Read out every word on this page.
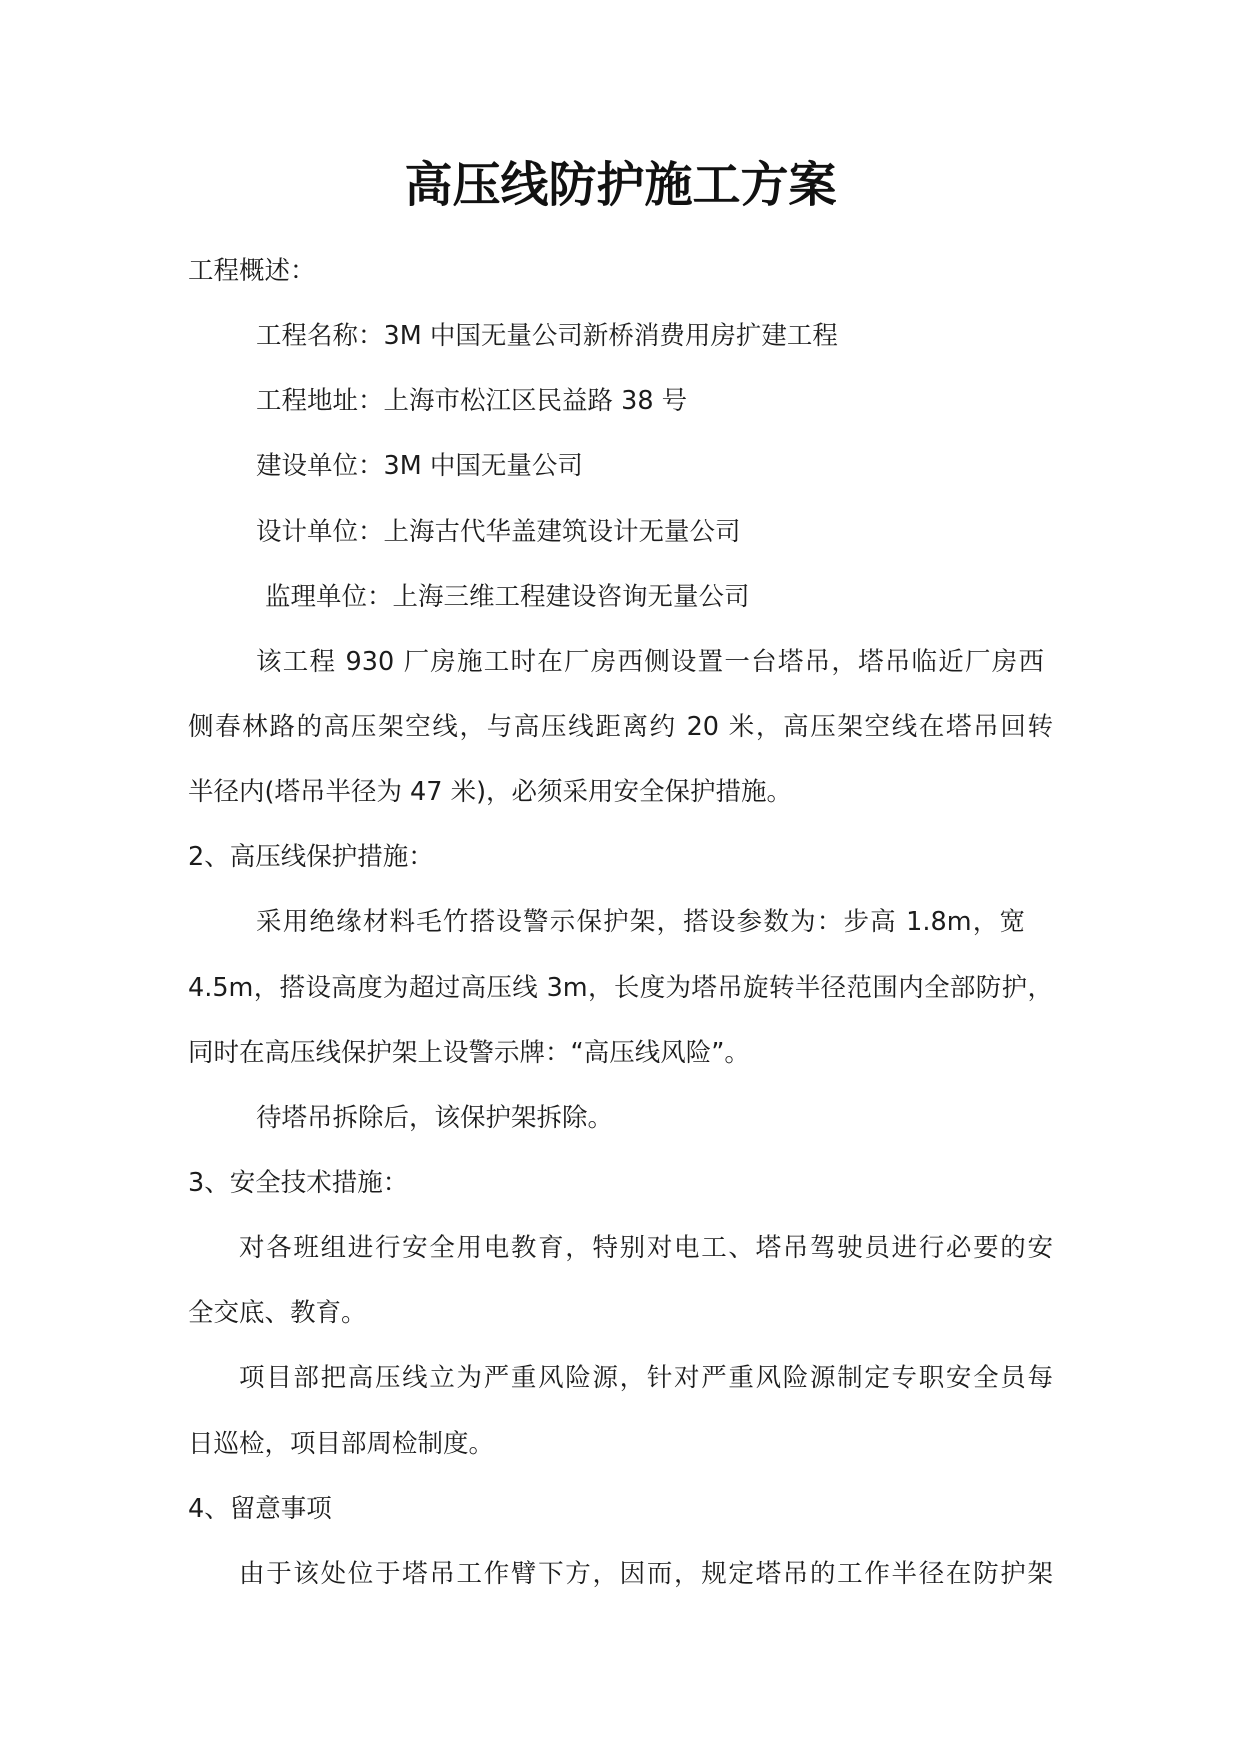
高压线防护施工方案
工程概述：
工程名称：3M 中国无量公司新桥消费用房扩建工程
工程地址：上海市松江区民益路 38 号
建设单位：3M 中国无量公司
设计单位：上海古代华盖建筑设计无量公司
监理单位：上海三维工程建设咨询无量公司
该工程 930 厂房施工时在厂房西侧设置一台塔吊，塔吊临近厂房西
侧春林路的高压架空线，与高压线距离约 20 米，高压架空线在塔吊回转
半径内(塔吊半径为 47 米)，必须采用安全保护措施。
2、高压线保护措施：
采用绝缘材料毛竹搭设警示保护架，搭设参数为：步高 1.8m，宽
4.5m，搭设高度为超过高压线 3m，长度为塔吊旋转半径范围内全部防护，
同时在高压线保护架上设警示牌：“高压线风险”。
待塔吊拆除后，该保护架拆除。
3、安全技术措施：
对各班组进行安全用电教育，特别对电工、塔吊驾驶员进行必要的安
全交底、教育。
项目部把高压线立为严重风险源，针对严重风险源制定专职安全员每
日巡检，项目部周检制度。
4、留意事项
由于该处位于塔吊工作臂下方，因而，规定塔吊的工作半径在防护架
